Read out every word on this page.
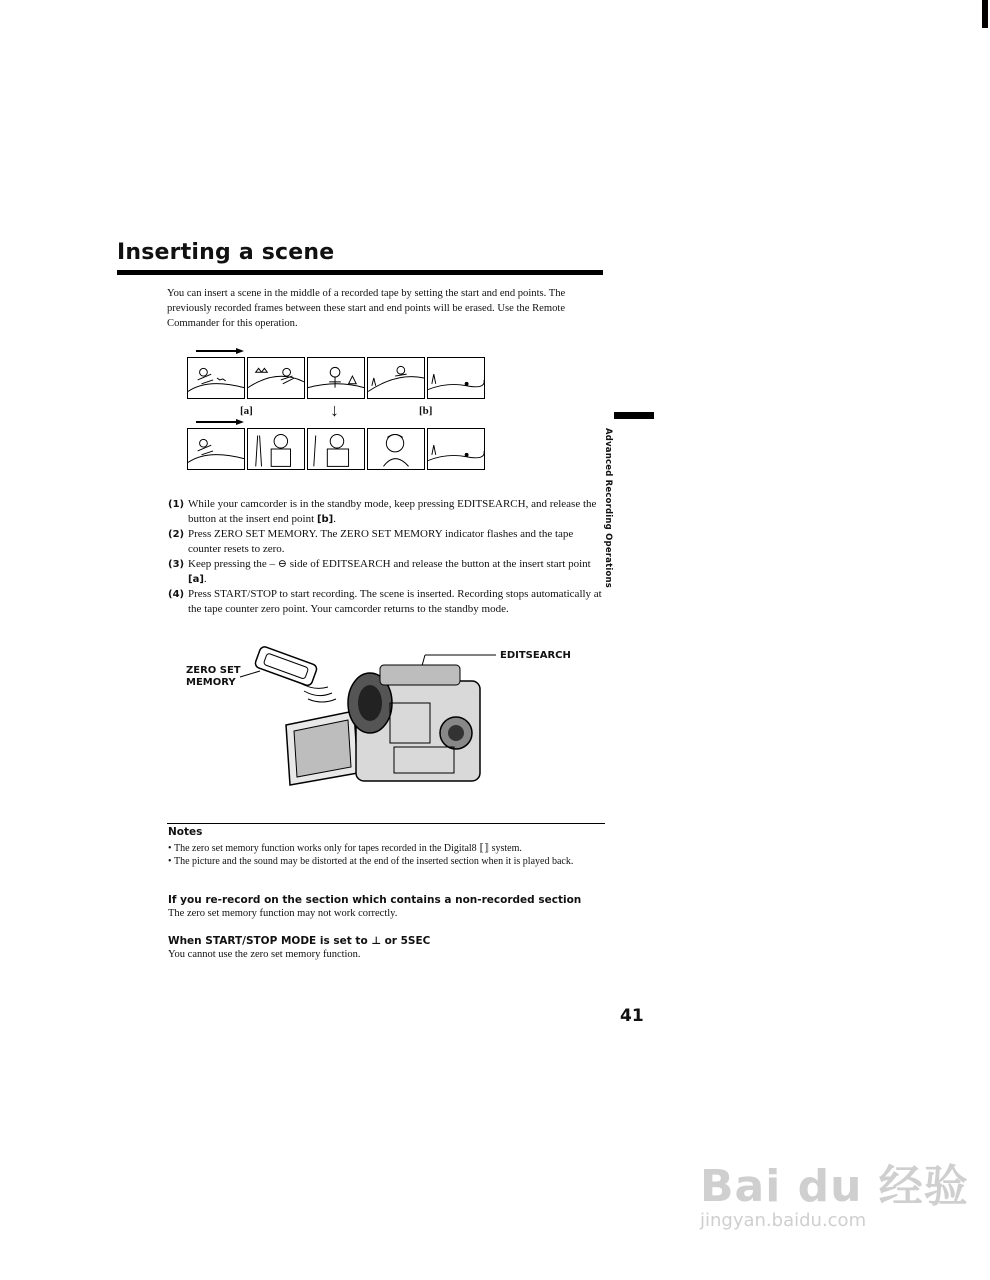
Inserting a scene
You can insert a scene in the middle of a recorded tape by setting the start and end points. The previously recorded frames between these start and end points will be erased. Use the Remote Commander for this operation.
[a]	↓	[b]
Advanced Recording Operations
(1) While your camcorder is in the standby mode, keep pressing EDITSEARCH, and release the button at the insert end point [b].
(2) Press ZERO SET MEMORY. The ZERO SET MEMORY indicator flashes and the tape counter resets to zero.
(3) Keep pressing the – ⊖ side of EDITSEARCH and release the button at the insert start point [a].
(4) Press START/STOP to start recording. The scene is inserted. Recording stops automatically at the tape counter zero point. Your camcorder returns to the standby mode.
ZERO SET
MEMORY
EDITSEARCH
Notes
• The zero set memory function works only for tapes recorded in the Digital8 ⟦⟧ system.
• The picture and the sound may be distorted at the end of the inserted section when it is played back.
If you re-record on the section which contains a non-recorded section
The zero set memory function may not work correctly.
When START/STOP MODE is set to ⊥ or 5SEC
You cannot use the zero set memory function.
41
Bai du 经验
jingyan.baidu.com
